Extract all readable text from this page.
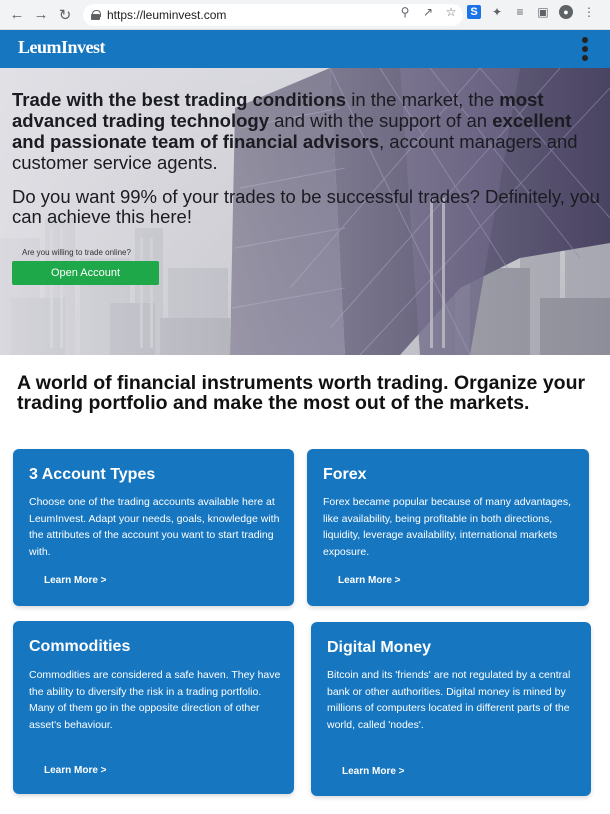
← → ↻	https://leuminvest.com	⚲ ↗ ☆	S ✦ ≡ ▣	●	⋮
LeumInvest
Trade with the best trading conditions in the market, the most advanced trading technology and with the support of an excellent and passionate team of financial advisors, account managers and customer service agents.
Do you want 99% of your trades to be successful trades? Definitely, you can achieve this here!
Are you willing to trade online?
Open Account
A world of financial instruments worth trading. Organize your trading portfolio and make the most out of the markets.
3 Account Types
Choose one of the trading accounts available here at LeumInvest. Adapt your needs, goals, knowledge with the attributes of the account you want to start trading with.
Learn More >
Forex
Forex became popular because of many advantages, like availability, being profitable in both directions, liquidity, leverage availability, international markets exposure.
Learn More >
Commodities
Commodities are considered a safe haven. They have the ability to diversify the risk in a trading portfolio. Many of them go in the opposite direction of other asset's behaviour.
Learn More >
Digital Money
Bitcoin and its 'friends' are not regulated by a central bank or other authorities. Digital money is mined by millions of computers located in different parts of the world, called 'nodes'.
Learn More >
